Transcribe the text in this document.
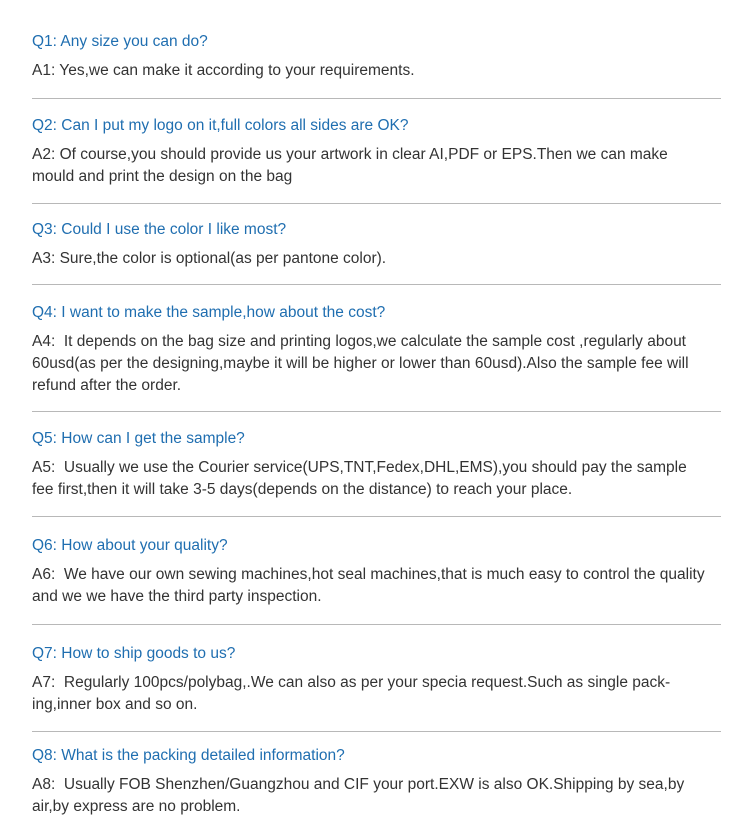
Q1: Any size you can do?
A1: Yes,we can make it according to your requirements.
Q2: Can I put my logo on it,full colors all sides are OK?
A2: Of course,you should provide us your artwork in clear AI,PDF or EPS.Then we can make
mould and print the design on the bag
Q3: Could I use the color I like most?
A3: Sure,the color is optional(as per pantone color).
Q4: I want to make the sample,how about the cost?
A4:  It depends on the bag size and printing logos,we calculate the sample cost ,regularly about
60usd(as per the designing,maybe it will be higher or lower than 60usd).Also the sample fee will
refund after the order.
Q5: How can I get the sample?
A5:  Usually we use the Courier service(UPS,TNT,Fedex,DHL,EMS),you should pay the sample
fee first,then it will take 3-5 days(depends on the distance) to reach your place.
Q6: How about your quality?
A6:  We have our own sewing machines,hot seal machines,that is much easy to control the quality
and we we have the third party inspection.
Q7: How to ship goods to us?
A7:  Regularly 100pcs/polybag,.We can also as per your specia request.Such as single pack-
ing,inner box and so on.
Q8: What is the packing detailed information?
A8:  Usually FOB Shenzhen/Guangzhou and CIF your port.EXW is also OK.Shipping by sea,by
air,by express are no problem.
